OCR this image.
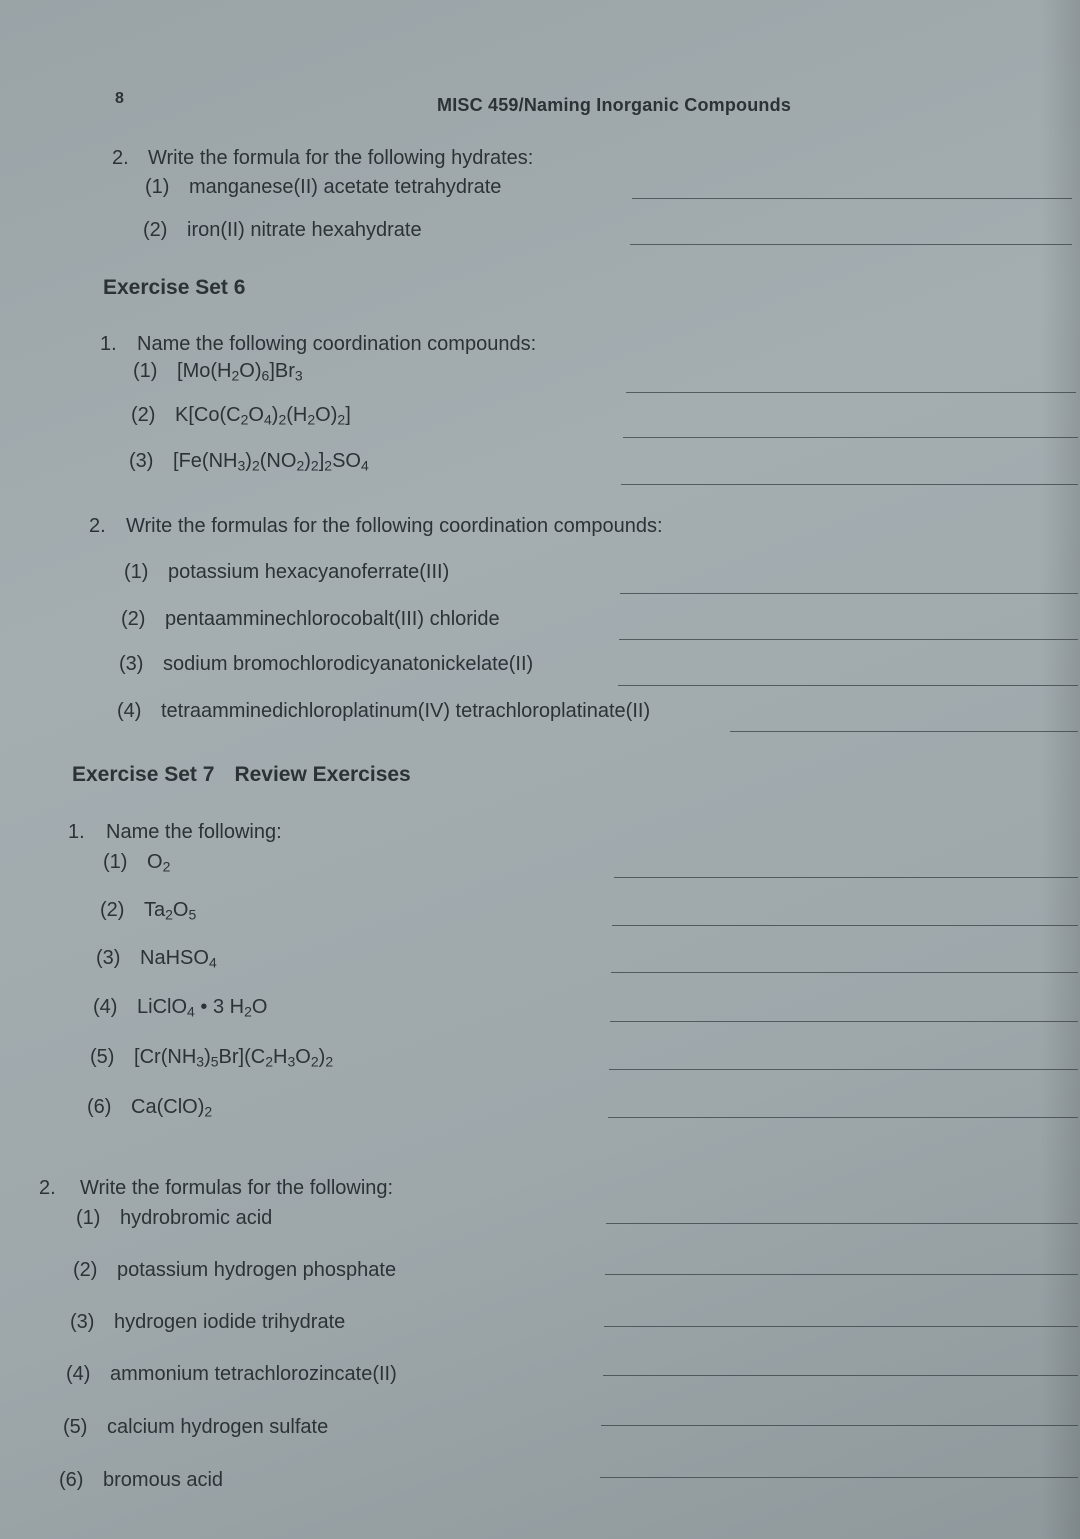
8	MISC 459/Naming Inorganic Compounds
2. Write the formula for the following hydrates:
(1) manganese(II) acetate tetrahydrate
(2) iron(II) nitrate hexahydrate
Exercise Set 6
1. Name the following coordination compounds:
(1) $[Mo(H_2O)_6]Br_3$
(2) $K[Co(C_2O_4)_2(H_2O)_2]$
(3) $[Fe(NH_3)_2(NO_2)_2]_2SO_4$
2. Write the formulas for the following coordination compounds:
(1) potassium hexacyanoferrate(III)
(2) pentaamminechlorocobalt(III) chloride
(3) sodium bromochlorodicyanatonickelate(II)
(4) tetraamminedichloroplatinum(IV) tetrachloroplatinate(II)
Exercise Set 7 Review Exercises
1. Name the following:
(1) $O_2$
(2) $Ta_2O_5$
(3) NaHSO$_4$
(4) LiClO$_4$ • 3 $H_2O$
(5) $[Cr(NH_3)_5Br](C_2H_3O_2)_2$
(6) $Ca(ClO)_2$
2. Write the formulas for the following:
(1) hydrobromic acid
(2) potassium hydrogen phosphate
(3) hydrogen iodide trihydrate
(4) ammonium tetrachlorozincate(II)
(5) calcium hydrogen sulfate
(6) bromous acid
